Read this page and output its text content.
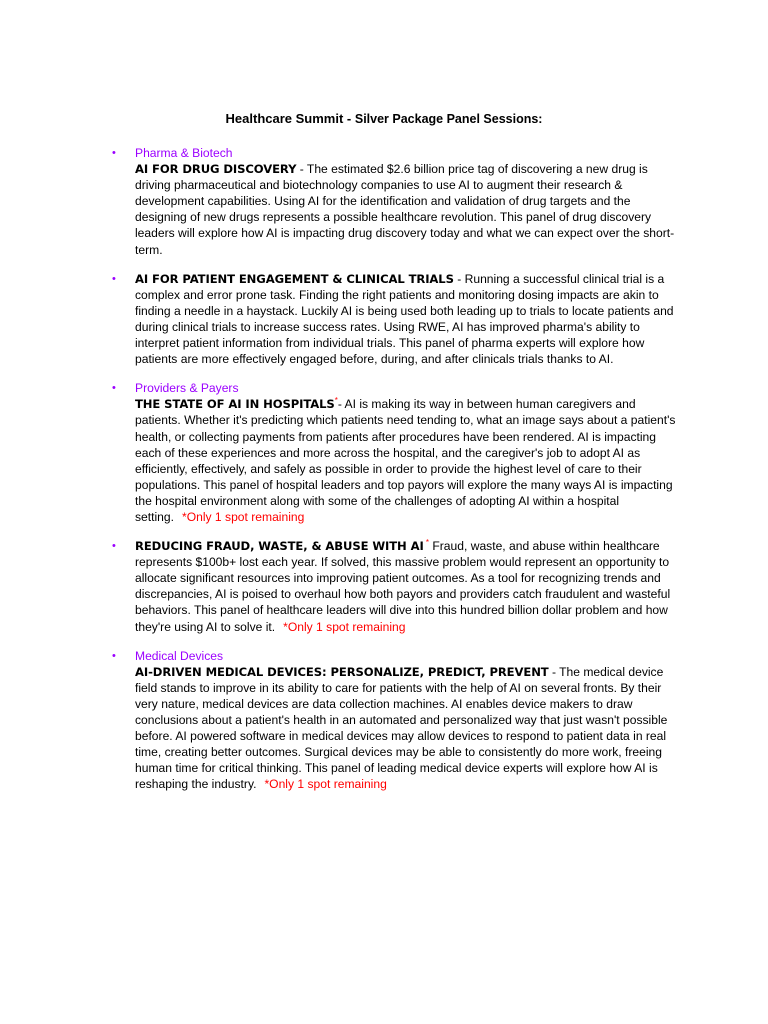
Healthcare Summit - Silver Package Panel Sessions:
• Pharma & Biotech
AI FOR DRUG DISCOVERY - The estimated $2.6 billion price tag of discovering a new drug is driving pharmaceutical and biotechnology companies to use AI to augment their research & development capabilities. Using AI for the identification and validation of drug targets and the designing of new drugs represents a possible healthcare revolution. This panel of drug discovery leaders will explore how AI is impacting drug discovery today and what we can expect over the short-term.
• AI FOR PATIENT ENGAGEMENT & CLINICAL TRIALS - Running a successful clinical trial is a complex and error prone task. Finding the right patients and monitoring dosing impacts are akin to finding a needle in a haystack. Luckily AI is being used both leading up to trials to locate patients and during clinical trials to increase success rates. Using RWE, AI has improved pharma's ability to interpret patient information from individual trials. This panel of pharma experts will explore how patients are more effectively engaged before, during, and after clinicals trials thanks to AI.
• Providers & Payers
THE STATE OF AI IN HOSPITALS*- AI is making its way in between human caregivers and patients. Whether it's predicting which patients need tending to, what an image says about a patient's health, or collecting payments from patients after procedures have been rendered. AI is impacting each of these experiences and more across the hospital, and the caregiver's job to adopt AI as efficiently, effectively, and safely as possible in order to provide the highest level of care to their populations. This panel of hospital leaders and top payors will explore the many ways AI is impacting the hospital environment along with some of the challenges of adopting AI within a hospital setting. *Only 1 spot remaining
• REDUCING FRAUD, WASTE, & ABUSE WITH AI * Fraud, waste, and abuse within healthcare represents $100b+ lost each year. If solved, this massive problem would represent an opportunity to allocate significant resources into improving patient outcomes. As a tool for recognizing trends and discrepancies, AI is poised to overhaul how both payors and providers catch fraudulent and wasteful behaviors. This panel of healthcare leaders will dive into this hundred billion dollar problem and how they're using AI to solve it. *Only 1 spot remaining
• Medical Devices
AI-DRIVEN MEDICAL DEVICES: PERSONALIZE, PREDICT, PREVENT - The medical device field stands to improve in its ability to care for patients with the help of AI on several fronts. By their very nature, medical devices are data collection machines. AI enables device makers to draw conclusions about a patient's health in an automated and personalized way that just wasn't possible before. AI powered software in medical devices may allow devices to respond to patient data in real time, creating better outcomes. Surgical devices may be able to consistently do more work, freeing human time for critical thinking. This panel of leading medical device experts will explore how AI is reshaping the industry. *Only 1 spot remaining
